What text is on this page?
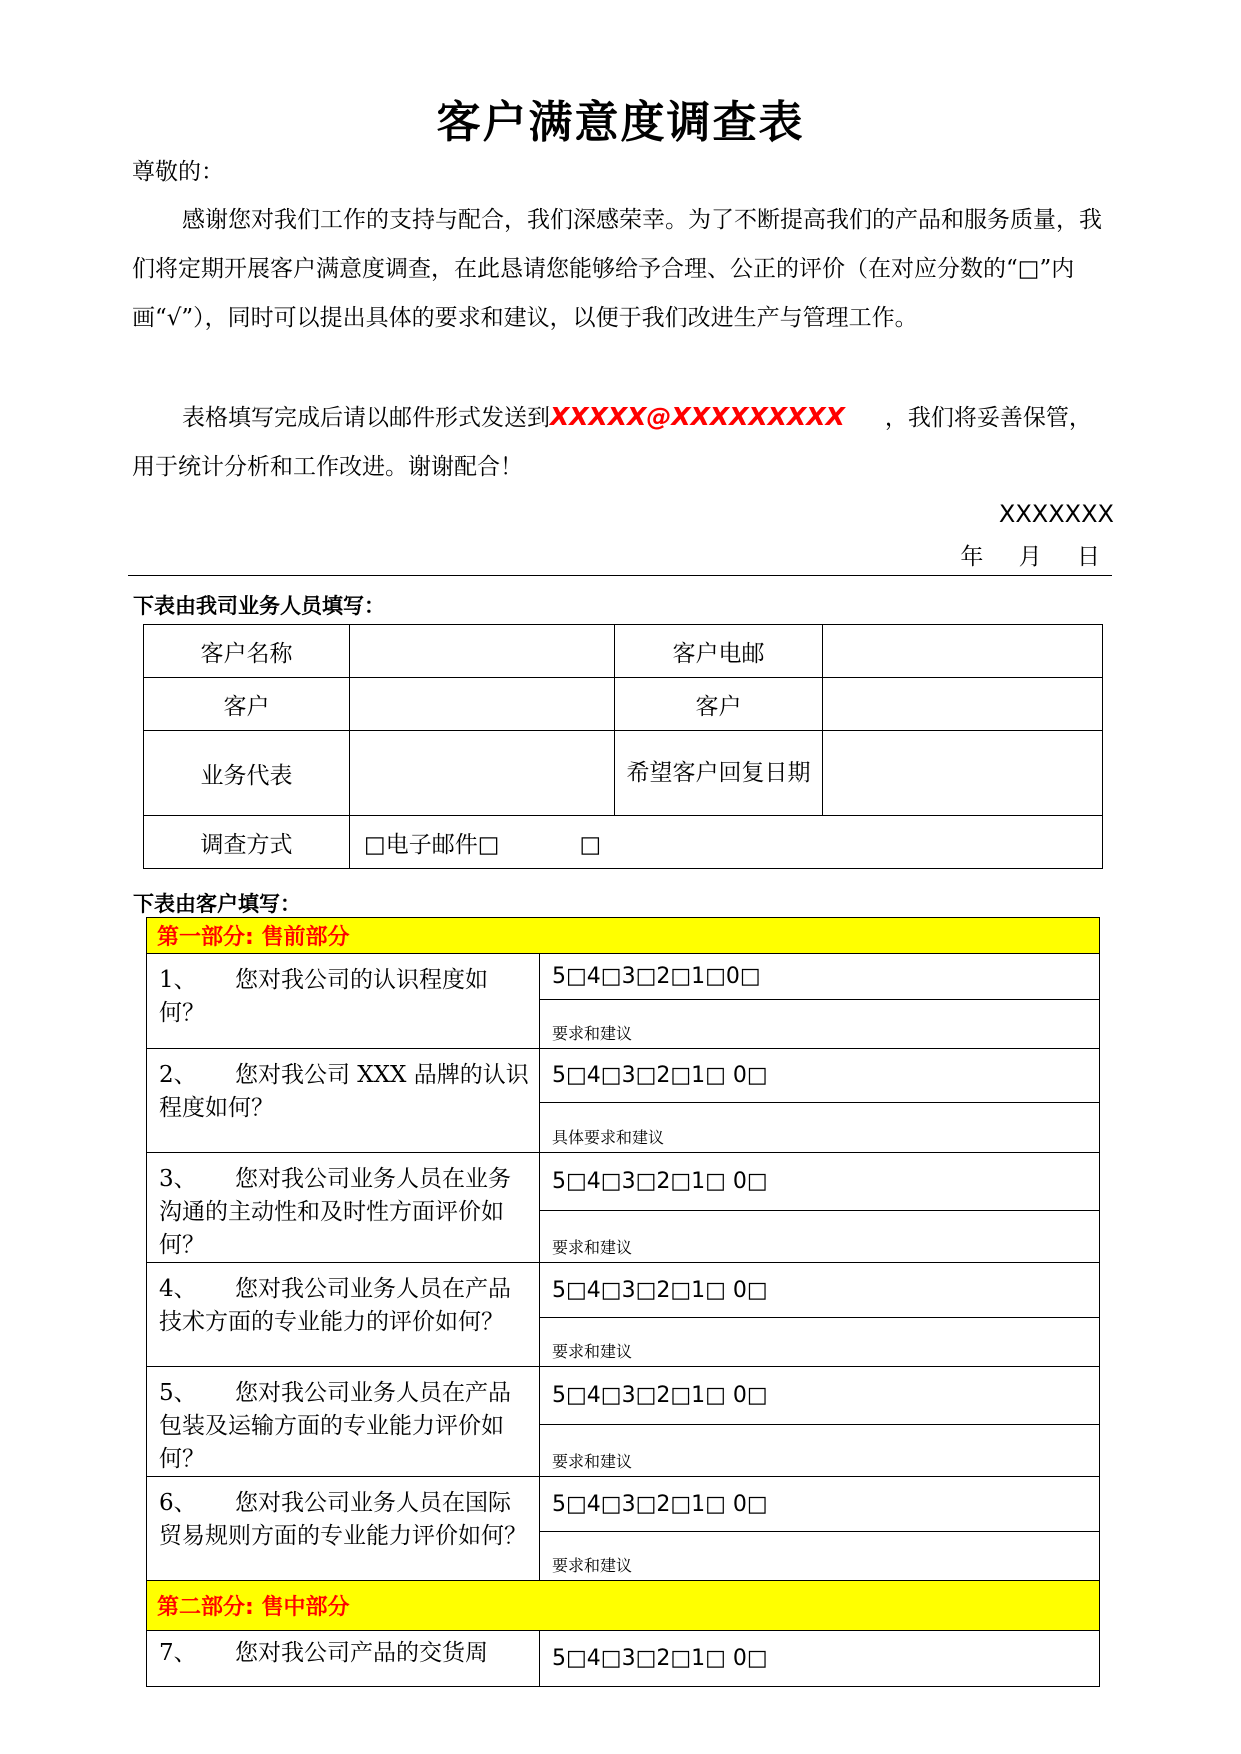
客户满意度调查表
尊敬的：
感谢您对我们工作的支持与配合，我们深感荣幸。为了不断提高我们的产品和服务质量，我们将定期开展客户满意度调查，在此恳请您能够给予合理、公正的评价（在对应分数的“□”内画“√”），同时可以提出具体的要求和建议，以便于我们改进生产与管理工作。
表格填写完成后请以邮件形式发送到XXXXX@XXXXXXXXX ，我们将妥善保管，用于统计分析和工作改进。谢谢配合！
XXXXXXX
年 月 日
下表由我司业务人员填写：
客户名称		客户电邮	
客户		客户	
业务代表		希望客户回复日期	
调查方式	□电子邮件□ □		
下表由客户填写：
第一部分: 售前部分	
1、 您对我公司的认识程度如何？	5□4□3□2□1□0□
	要求和建议
2、 您对我公司 XXX 品牌的认识程度如何？	5□4□3□2□1□ 0□
	具体要求和建议
3、 您对我公司业务人员在业务沟通的主动性和及时性方面评价如何？	5□4□3□2□1□ 0□
	要求和建议
4、 您对我公司业务人员在产品技术方面的专业能力的评价如何？	5□4□3□2□1□ 0□
	要求和建议
5、 您对我公司业务人员在产品包装及运输方面的专业能力评价如何？	5□4□3□2□1□ 0□
	要求和建议
6、 您对我公司业务人员在国际贸易规则方面的专业能力评价如何？	5□4□3□2□1□ 0□
	要求和建议
第二部分: 售中部分	
7、 您对我公司产品的交货周	5□4□3□2□1□ 0□
